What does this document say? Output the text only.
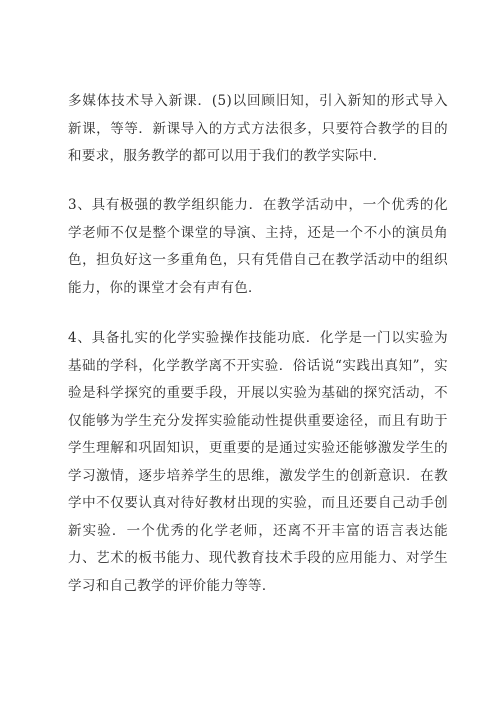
多媒体技术导入新课．(5)以回顾旧知，引入新知的形式导入新课，等等．新课导入的方式方法很多，只要符合教学的目的和要求，服务教学的都可以用于我们的教学实际中．

3、具有极强的教学组织能力．在教学活动中，一个优秀的化学老师不仅是整个课堂的导演、主持，还是一个不小的演员角色，担负好这一多重角色，只有凭借自己在教学活动中的组织能力，你的课堂才会有声有色．

4、具备扎实的化学实验操作技能功底．化学是一门以实验为基础的学科，化学教学离不开实验．俗话说“实践出真知”，实验是科学探究的重要手段，开展以实验为基础的探究活动，不仅能够为学生充分发挥实验能动性提供重要途径，而且有助于学生理解和巩固知识，更重要的是通过实验还能够激发学生的学习激情，逐步培养学生的思维，激发学生的创新意识．在教学中不仅要认真对待好教材出现的实验，而且还要自己动手创新实验．一个优秀的化学老师，还离不开丰富的语言表达能力、艺术的板书能力、现代教育技术手段的应用能力、对学生学习和自己教学的评价能力等等．
